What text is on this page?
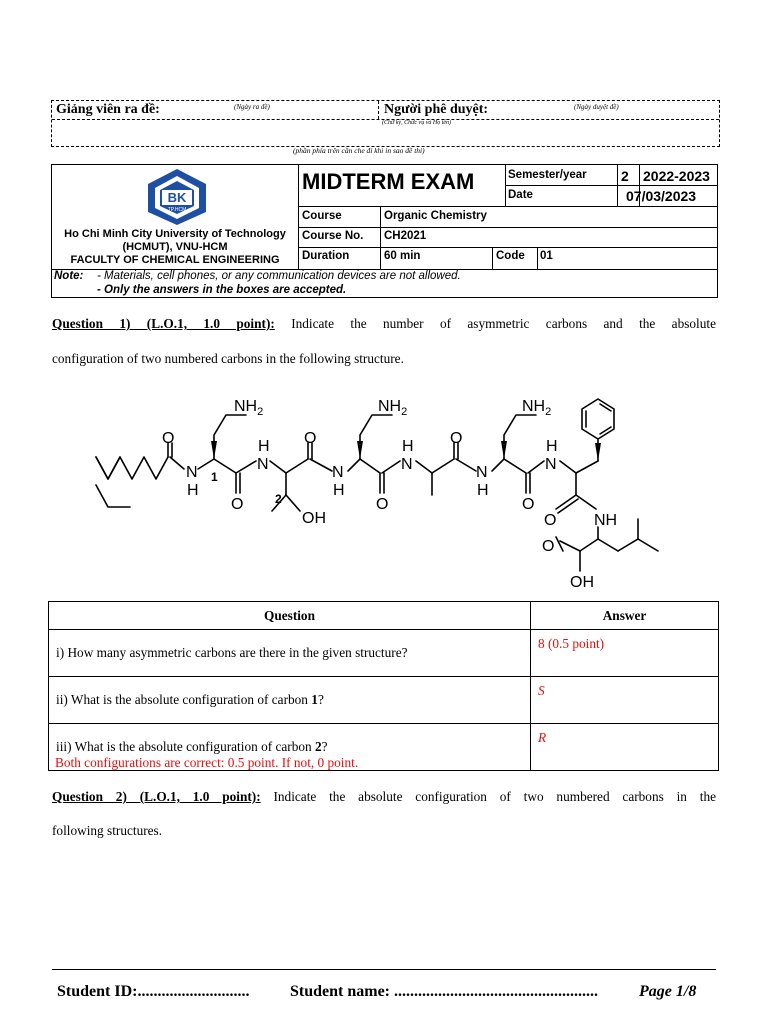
Giảng viên ra đề:	(Ngày ra đề)	Người phê duyệt:	(Ngày duyệt đề)
(Chữ ký, Chức vụ và Họ tên)
(phần phía trên cần che đi khi in sao đề thi)
BK
TP.HCM
Ho Chi Minh City University of Technology
(HCMUT), VNU-HCM
FACULTY OF CHEMICAL ENGINEERING
MIDTERM EXAM	Semester/year 2 2022-2023
Date	07/03/2023
Course	Organic Chemistry
Course No. CH2021
Duration	60 min	Code 01
Note: - Materials, cell phones, or any communication devices are not allowed.
- Only the answers in the boxes are accepted.
Question 1) (L.O.1, 1.0 point): Indicate the number of asymmetric carbons and the absolute
configuration of two numbered carbons in the following structure.
$NH_2$	$NH_2$	$NH_2$
O
N
H
1
O
H
N
2
OH
O
N
H
O
H
N
O
N
H
O
H
N
O NH
O
OH
Question	Answer
i) How many asymmetric carbons are there in the given structure?	8 (0.5 point)
ii) What is the absolute configuration of carbon 1?	S
iii) What is the absolute configuration of carbon 2?	R
Both configurations are correct: 0.5 point. If not, 0 point.
Question 2) (L.O.1, 1.0 point): Indicate the absolute configuration of two numbered carbons in the
following structures.
Student ID:............................	Student name: ...................................................	Page 1/8
